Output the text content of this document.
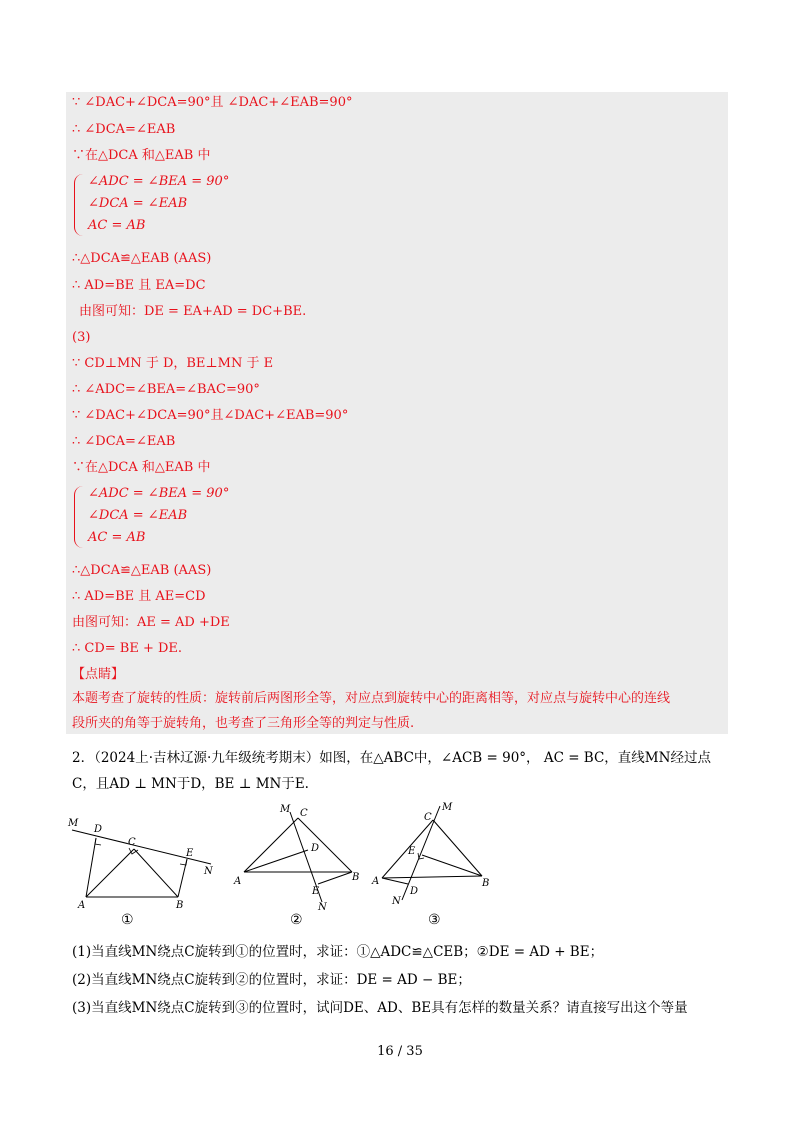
∵ ∠DAC+∠DCA=90°且 ∠DAC+∠EAB=90°
∴ ∠DCA=∠EAB
∵在△DCA 和△EAB 中
∠ADC = ∠BEA = 90°
∠DCA = ∠EAB
AC = AB
∴△DCA≌△EAB (AAS)
∴ AD=BE 且 EA=DC
由图可知：DE = EA+AD = DC+BE.
(3)
∵ CD⊥MN 于 D，BE⊥MN 于 E
∴ ∠ADC=∠BEA=∠BAC=90°
∵ ∠DAC+∠DCA=90°且∠DAC+∠EAB=90°
∴ ∠DCA=∠EAB
∵在△DCA 和△EAB 中
∠ADC = ∠BEA = 90°
∠DCA = ∠EAB
AC = AB
∴△DCA≌△EAB (AAS)
∴ AD=BE 且 AE=CD
由图可知：AE = AD +DE
∴ CD= BE + DE.
【点睛】
本题考查了旋转的性质：旋转前后两图形全等，对应点到旋转中心的距离相等，对应点与旋转中心的连线
段所夹的角等于旋转角，也考查了三角形全等的判定与性质.
2．（2024上·吉林辽源·九年级统考期末）如图，在△ABC中，∠ACB = 90°， AC = BC，直线MN经过点
C，且AD ⊥ MN于D，BE ⊥ MN于E.
M
D
C
E
N
A	B
①
M C
D
A	B
E
N
②
M
C
E
A	B
D
N
③
(1)当直线MN绕点C旋转到①的位置时，求证：①△ADC≌△CEB；②DE = AD + BE；
(2)当直线MN绕点C旋转到②的位置时，求证：DE = AD − BE；
(3)当直线MN绕点C旋转到③的位置时，试问DE、AD、BE具有怎样的数量关系？请直接写出这个等量
16 / 35
